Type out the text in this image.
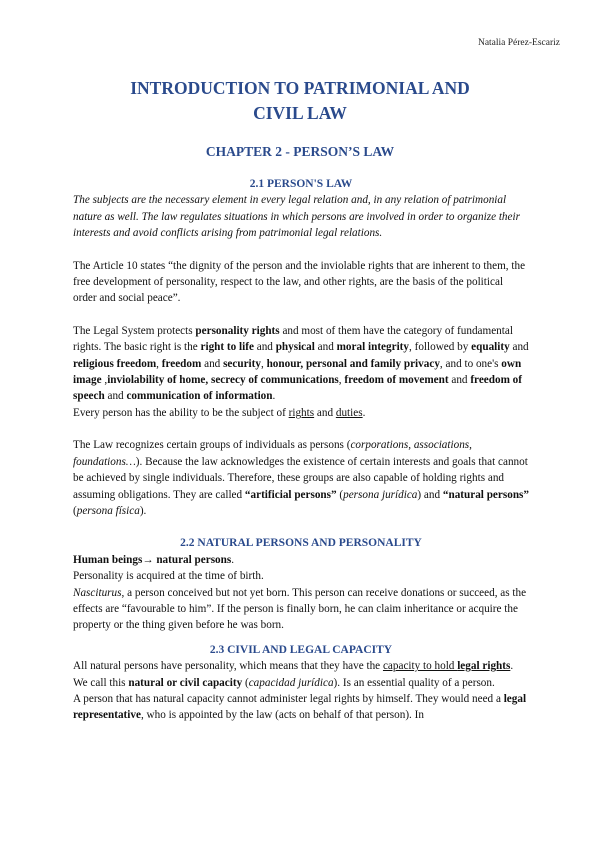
Natalia Pérez-Escariz
INTRODUCTION TO PATRIMONIAL AND
CIVIL LAW
CHAPTER 2 - PERSON’S LAW
2.1 PERSON'S LAW

The subjects are the necessary element in every legal relation and, in any relation of patrimonial nature as well. The law regulates situations in which persons are involved in order to organize their interests and avoid conflicts arising from patrimonial legal relations.

The Article 10 states “the dignity of the person and the inviolable rights that are inherent to them, the free development of personality, respect to the law, and other rights, are the basis of the political order and social peace”.

The Legal System protects personality rights and most of them have the category of fundamental rights. The basic right is the right to life and physical and moral integrity, followed by equality and religious freedom, freedom and security, honour, personal and family privacy, and to one's own image ,inviolability of home, secrecy of communications, freedom of movement and freedom of speech and communication of information.

Every person has the ability to be the subject of rights and duties.

The Law recognizes certain groups of individuals as persons (corporations, associations, foundations…). Because the law acknowledges the existence of certain interests and goals that cannot be achieved by single individuals. Therefore, these groups are also capable of holding rights and assuming obligations. They are called “artificial persons” (persona jurídica) and “natural persons” (persona física).

2.2 NATURAL PERSONS AND PERSONALITY

Human beings→ natural persons.

Personality is acquired at the time of birth.

Nasciturus, a person conceived but not yet born. This person can receive donations or succeed, as the effects are “favourable to him”. If the person is finally born, he can claim inheritance or acquire the property or the thing given before he was born.

2.3 CIVIL AND LEGAL CAPACITY

All natural persons have personality, which means that they have the capacity to hold legal rights. We call this natural or civil capacity (capacidad jurídica). Is an essential quality of a person.

A person that has natural capacity cannot administer legal rights by himself. They would need a legal representative, who is appointed by the law (acts on behalf of that person). In
